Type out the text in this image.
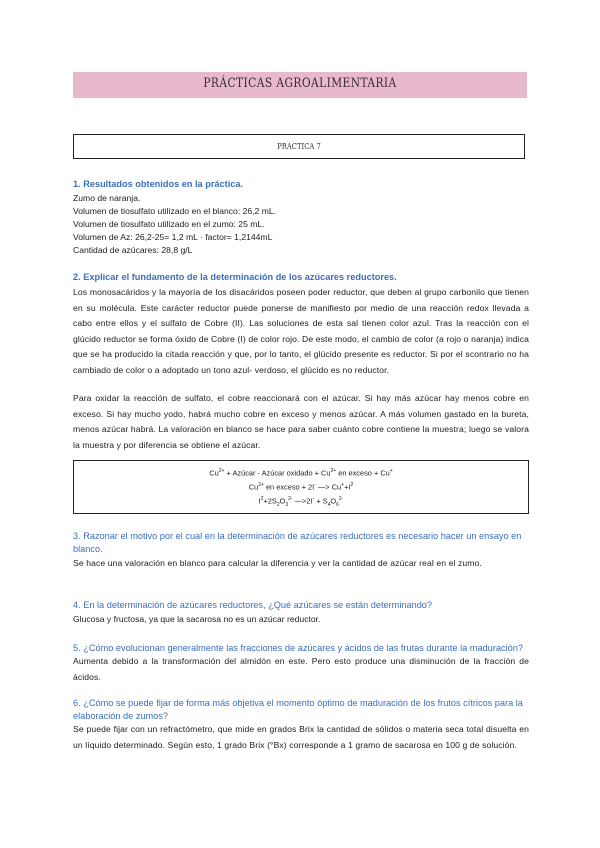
PRÁCTICAS AGROALIMENTARIA
PRÁCTICA 7

1. Resultados obtenidos en la práctica.

Zumo de naranja.

Volumen de tiosulfato utilizado en el blanco: 26,2 mL.

Volumen de tiosulfato utilizado en el zumo: 25 mL.

Volumen de Az: 26,2-25= 1,2 mL · factor= 1,2144mL

Cantidad de azúcares: 28,8 g/L

2. Explicar el fundamento de la determinación de los azúcares reductores.

Los monosacáridos y la mayoría de los disacáridos poseen poder reductor, que deben al grupo carbonilo que tienen en su molécula. Este carácter reductor puede ponerse de manifiesto por medio de una reacción redox llevada a cabo entre ellos y el sulfato de Cobre (II). Las soluciones de esta sal tienen color azul. Tras la reacción con el glúcido reductor se forma óxido de Cobre (I) de color rojo. De este modo, el cambio de color (a rojo o naranja) indica que se ha producido la citada reacción y que, por lo tanto, el glúcido presente es reductor. Si por el scontrario no ha cambiado de color o a adoptado un tono azul- verdoso, el glúcido es no reductor.

Para oxidar la reacción de sulfato, el cobre reaccionará con el azúcar. Si hay más azúcar hay menos cobre en exceso. Si hay mucho yodo, habrá mucho cobre en exceso y menos azúcar. A más volumen gastado en la bureta, menos azúcar habrá. La valoración en blanco se hace para saber cuánto cobre contiene la muestra; luego se valora la muestra y por diferencia se obtiene el azúcar.

$Cu^{2+}$ + Azúcar - Azúcar oxidado + $Cu^{2+}$ en exceso + Cu+
$Cu^{2+}$ en exceso + 2I- —> $Cu^++I^2$
$I^2+2S_2O_3^{2-}$ —>2I- + $S_4O_6^{2-}$

3. Razonar el motivo por el cual en la determinación de azúcares reductores es necesario hacer un ensayo en blanco.

Se hace una valoración en blanco para calcular la diferencia y ver la cantidad de azúcar real en el zumo.

4. En la determinación de azúcares reductores, ¿Qué azúcares se están determinando?

Glucosa y fructosa, ya que la sacarosa no es un azúcar reductor.

5. ¿Cómo evolucionan generalmente las fracciones de azúcares y ácidos de las frutas durante la maduración?

Aumenta debido a la transformación del almidón en este. Pero esto produce una disminución de la fracción de ácidos.

6. ¿Cómo se puede fijar de forma más objetiva el momento óptimo de maduración de los frutos cítricos para la elaboración de zumos?

Se puede fijar con un refractómetro, que mide en grados Brix la cantidad de sólidos o materia seca total disuelta en un líquido determinado. Según esto, 1 grado Brix (°Bx) corresponde a 1 gramo de sacarosa en 100 g de solución.
